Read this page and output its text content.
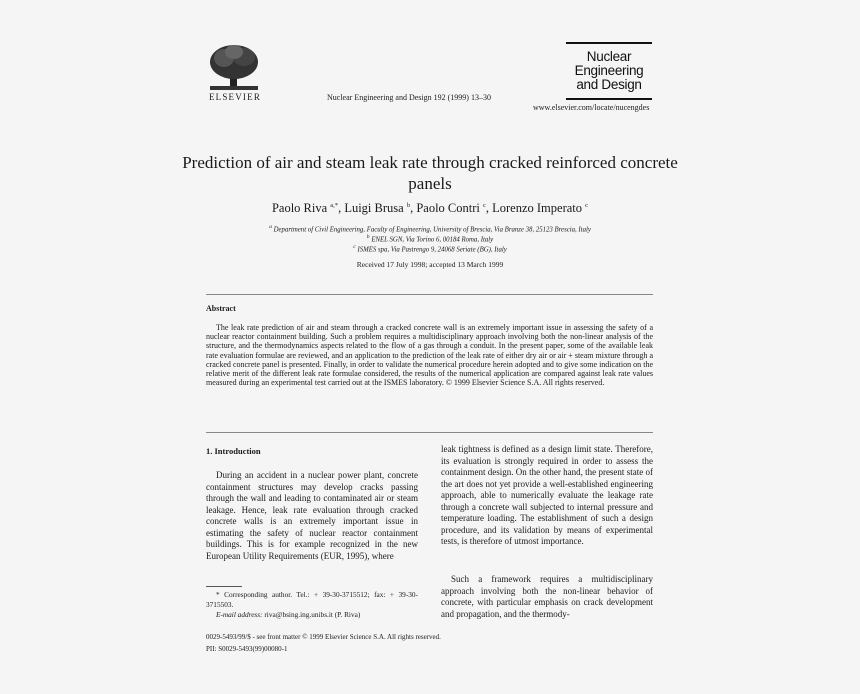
ELSEVIER	Nuclear Engineering and Design 192 (1999) 13–30
Nuclear
Engineering
and Design
www.elsevier.com/locate/nucengdes
Prediction of air and steam leak rate through cracked reinforced concrete panels
Paolo Riva $^{a,*}$, Luigi Brusa $^b$, Paolo Contri $^c$, Lorenzo Imperato $^c$
$^a$ Department of Civil Engineering, Faculty of Engineering, University of Brescia, Via Branze 38, 25123 Brescia, Italy
$^b$ ENEL SGN, Via Torino 6, 00184 Roma, Italy
$^c$ ISMES spa, Via Pastrengo 9, 24068 Seriate (BG), Italy
Received 17 July 1998; accepted 13 March 1999
Abstract
The leak rate prediction of air and steam through a cracked concrete wall is an extremely important issue in assessing the safety of a nuclear reactor containment building. Such a problem requires a multidisciplinary approach involving both the non-linear analysis of the structure, and the thermodynamics aspects related to the flow of a gas through a conduit. In the present paper, some of the available leak rate evaluation formulae are reviewed, and an application to the prediction of the leak rate of either dry air or air + steam mixture through a cracked concrete panel is presented. Finally, in order to validate the numerical procedure herein adopted and to give some indication on the relative merit of the different leak rate formulae considered, the results of the numerical application are compared against leak rate values measured during an experimental test carried out at the ISMES laboratory. © 1999 Elsevier Science S.A. All rights reserved.
1. Introduction
During an accident in a nuclear power plant, concrete containment structures may develop cracks passing through the wall and leading to contaminated air or steam leakage. Hence, leak rate evaluation through cracked concrete walls is an extremely important issue in estimating the safety of nuclear reactor containment buildings. This is for example recognized in the new European Utility Requirements (EUR, 1995), where
leak tightness is defined as a design limit state. Therefore, its evaluation is strongly required in order to assess the containment design. On the other hand, the present state of the art does not yet provide a well-established engineering approach, able to numerically evaluate the leakage rate through a concrete wall subjected to internal pressure and temperature loading. The establishment of such a design procedure, and its validation by means of experimental tests, is therefore of utmost importance.
Such a framework requires a multidisciplinary approach involving both the non-linear behavior of concrete, with particular emphasis on crack development and propagation, and the thermody-
* Corresponding author. Tel.: + 39-30-3715512; fax: + 39-30-3715503.
E-mail address: riva@bsing.ing.unibs.it (P. Riva)
0029-5493/99/$ - see front matter © 1999 Elsevier Science S.A. All rights reserved.
PII: S0029-5493(99)00080-1
